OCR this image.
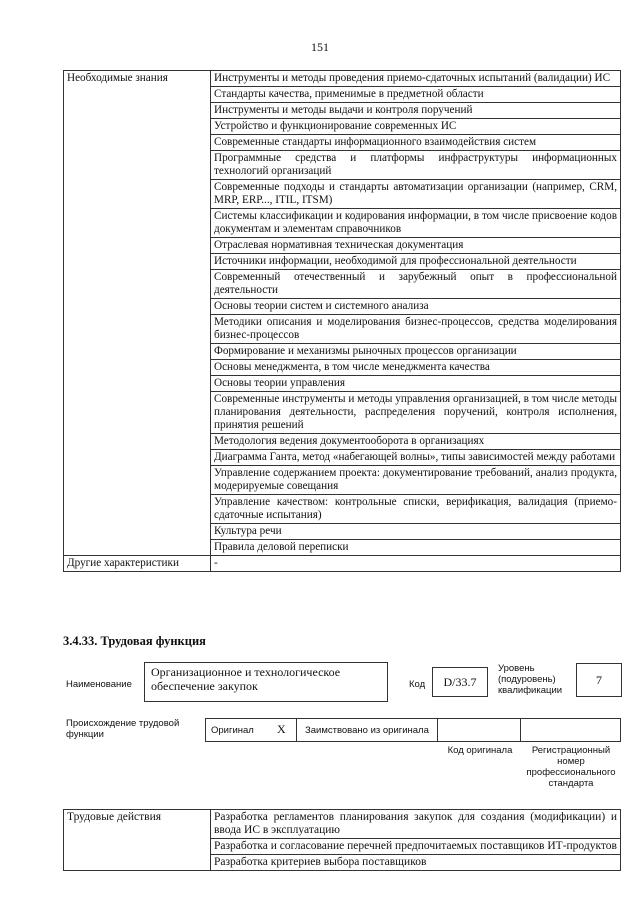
151
Необходимые знания	Инструменты и методы проведения приемо-сдаточных испытаний (валидации) ИС
	Стандарты качества, применимые в предметной области
	Инструменты и методы выдачи и контроля поручений
	Устройство и функционирование современных ИС
	Современные стандарты информационного взаимодействия систем
	Программные средства и платформы инфраструктуры информационных технологий организаций
	Современные подходы и стандарты автоматизации организации (например, CRM, MRP, ERP..., ITIL, ITSM)
	Системы классификации и кодирования информации, в том числе присвоение кодов документам и элементам справочников
	Отраслевая нормативная техническая документация
	Источники информации, необходимой для профессиональной деятельности
	Современный отечественный и зарубежный опыт в профессиональной деятельности
	Основы теории систем и системного анализа
	Методики описания и моделирования бизнес-процессов, средства моделирования бизнес-процессов
	Формирование и механизмы рыночных процессов организации
	Основы менеджмента, в том числе менеджмента качества
	Основы теории управления
	Современные инструменты и методы управления организацией, в том числе методы планирования деятельности, распределения поручений, контроля исполнения, принятия решений
	Методология ведения документооборота в организациях
	Диаграмма Ганта, метод «набегающей волны», типы зависимостей между работами
	Управление содержанием проекта: документирование требований, анализ продукта, модерируемые совещания
	Управление качеством: контрольные списки, верификация, валидация (приемо-сдаточные испытания)
	Культура речи
	Правила деловой переписки
Другие характеристики	-
3.4.33. Трудовая функция
Наименование
Организационное и технологическое обеспечение закупок	Код	D/33.7
Уровень (подуровень) квалификации
7
Происхождение трудовой функции	Оригинал X Заимствовано из оригинала
Код оригинала	Регистрационный номер профессионального стандарта
Трудовые действия	Разработка регламентов планирования закупок для создания (модификации) и ввода ИС в эксплуатацию
Разработка и согласование перечней предпочитаемых поставщиков ИТ-продуктов
Разработка критериев выбора поставщиков
